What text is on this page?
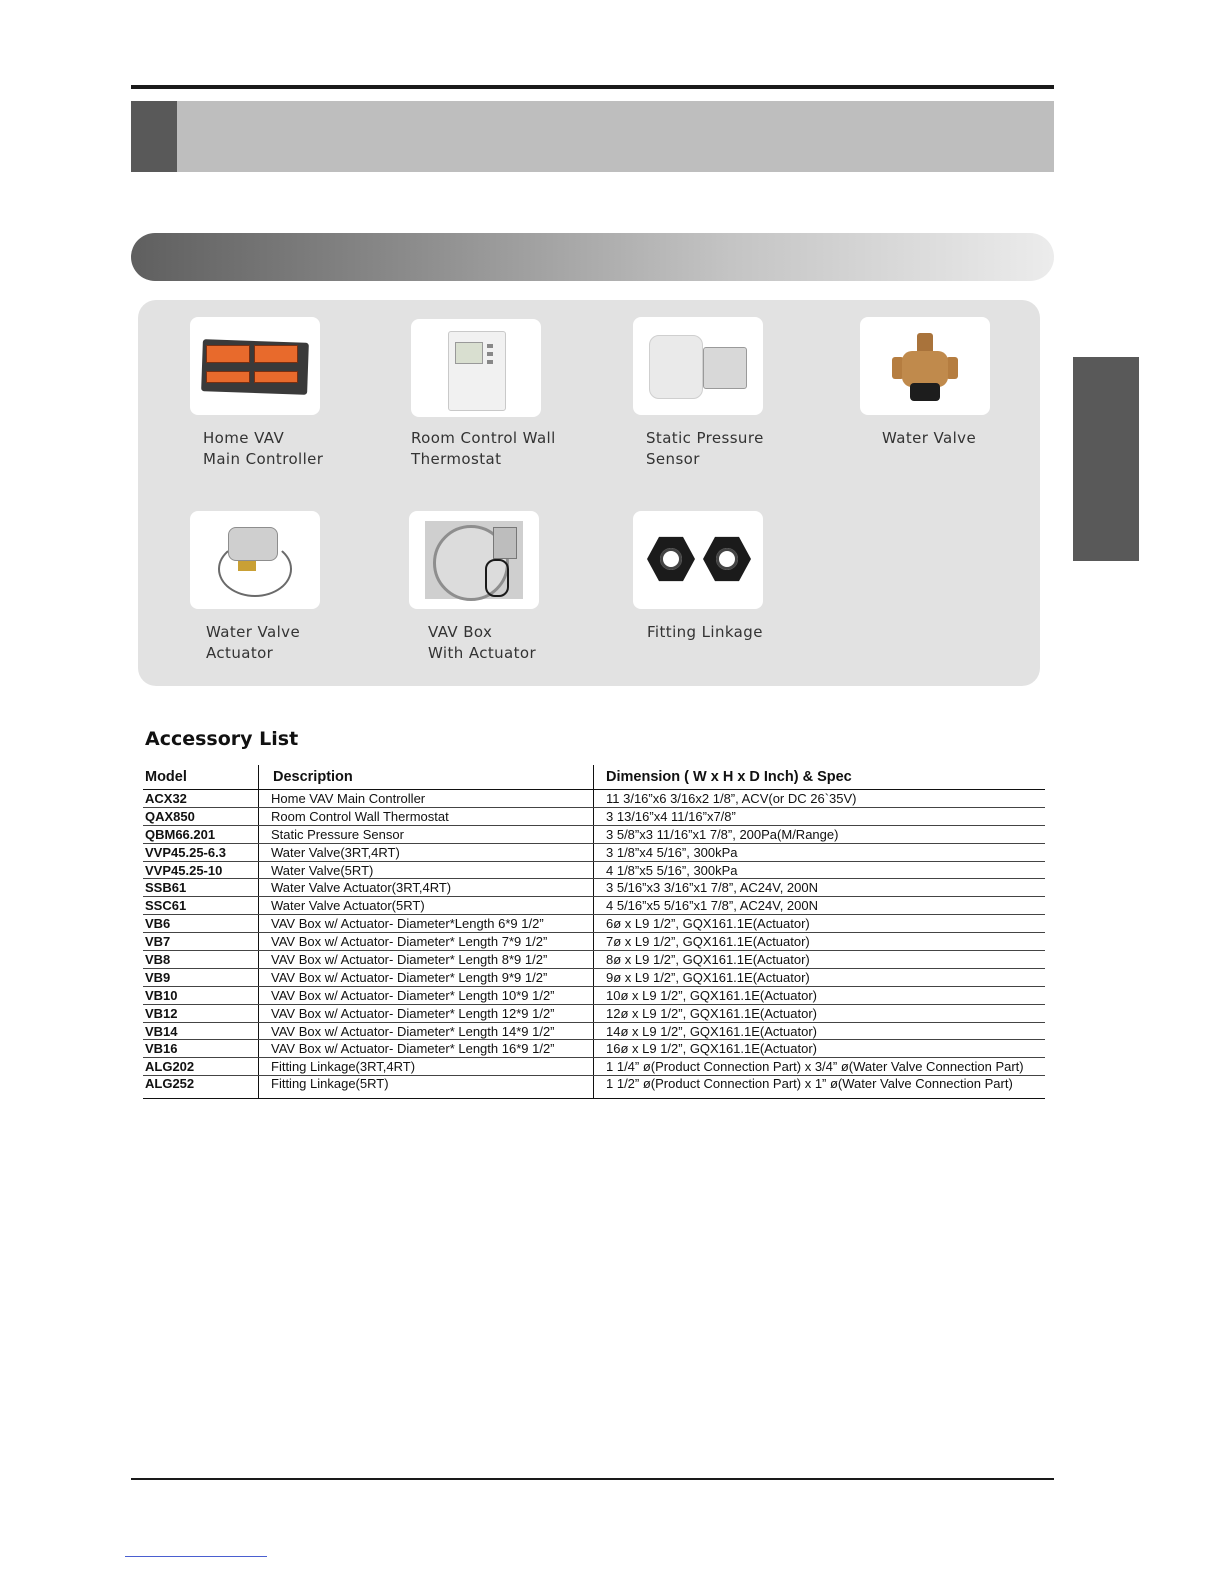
Home VAV
Main Controller
Room Control Wall
Thermostat
Static Pressure
Sensor
Water Valve
Water Valve
Actuator
VAV Box
With Actuator
Fitting Linkage
Accessory List
Model	Description	Dimension ( W x H x D Inch) & Spec
ACX32	Home VAV Main Controller	11 3/16”x6 3/16x2 1/8”, ACV(or DC 26`35V)
QAX850	Room Control Wall Thermostat	3 13/16”x4 11/16”x7/8”
QBM66.201	Static Pressure Sensor	3 5/8”x3 11/16”x1 7/8”, 200Pa(M/Range)
VVP45.25-6.3	Water Valve(3RT,4RT)	3 1/8”x4 5/16”, 300kPa
VVP45.25-10	Water Valve(5RT)	4 1/8”x5 5/16”, 300kPa
SSB61	Water Valve Actuator(3RT,4RT)	3 5/16”x3 3/16”x1 7/8”, AC24V, 200N
SSC61	Water Valve Actuator(5RT)	4 5/16”x5 5/16”x1 7/8”, AC24V, 200N
VB6	VAV Box w/ Actuator- Diameter*Length 6*9 1/2”	6ø x L9 1/2”, GQX161.1E(Actuator)
VB7	VAV Box w/ Actuator- Diameter* Length 7*9 1/2”	7ø x L9 1/2”, GQX161.1E(Actuator)
VB8	VAV Box w/ Actuator- Diameter* Length 8*9 1/2”	8ø x L9 1/2”, GQX161.1E(Actuator)
VB9	VAV Box w/ Actuator- Diameter* Length 9*9 1/2”	9ø x L9 1/2”, GQX161.1E(Actuator)
VB10	VAV Box w/ Actuator- Diameter* Length 10*9 1/2”	10ø x L9 1/2”, GQX161.1E(Actuator)
VB12	VAV Box w/ Actuator- Diameter* Length 12*9 1/2”	12ø x L9 1/2”, GQX161.1E(Actuator)
VB14	VAV Box w/ Actuator- Diameter* Length 14*9 1/2”	14ø x L9 1/2”, GQX161.1E(Actuator)
VB16	VAV Box w/ Actuator- Diameter* Length 16*9 1/2”	16ø x L9 1/2”, GQX161.1E(Actuator)
ALG202	Fitting Linkage(3RT,4RT)	1 1/4” ø(Product Connection Part) x 3/4” ø(Water Valve Connection Part)
ALG252	Fitting Linkage(5RT)	1 1/2” ø(Product Connection Part) x 1” ø(Water Valve Connection Part)
